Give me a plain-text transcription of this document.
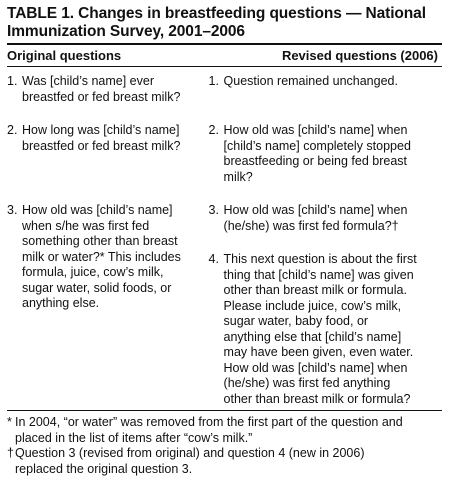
TABLE 1. Changes in breastfeeding questions — National
Immunization Survey, 2001–2006
Original questions	Revised questions (2006)
1. Was [child’s name] ever
breastfed or fed breast milk?
1. Question remained unchanged.
2. How long was [child’s name]
breastfed or fed breast milk?
2. How old was [child’s name] when
[child’s name] completely stopped
breastfeeding or being fed breast
milk?
3. How old was [child’s name]
when s/he was first fed
something other than breast
milk or water?* This includes
formula, juice, cow’s milk,
sugar water, solid foods, or
anything else.
3. How old was [child’s name] when
(he/she) was first fed formula?†
4. This next question is about the first
thing that [child’s name] was given
other than breast milk or formula.
Please include juice, cow’s milk,
sugar water, baby food, or
anything else that [child’s name]
may have been given, even water.
How old was [child’s name] when
(he/she) was first fed anything
other than breast milk or formula?
* In 2004, “or water” was removed from the first part of the question and
placed in the list of items after “cow’s milk.”
†Question 3 (revised from original) and question 4 (new in 2006)
replaced the original question 3.
